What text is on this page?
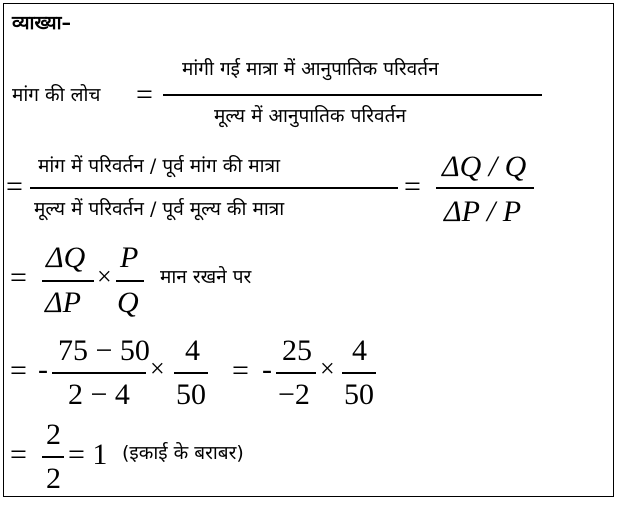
व्याख्या–
मांग की लोच =
मांगी गई मात्रा में आनुपातिक परिवर्तन
मूल्य में आनुपातिक परिवर्तन
=
मांग में परिवर्तन / पूर्व मांग की मात्रा
मूल्य में परिवर्तन / पूर्व मूल्य की मात्रा
=
ΔQ / Q
ΔP / P
=
ΔQ
ΔP
×
P
Q
मान रखने पर
= -
75 − 50
2 − 4
×
4
50
= -
25
−2
×
4
50
=
2
2
= 1 (इकाई के बराबर)
